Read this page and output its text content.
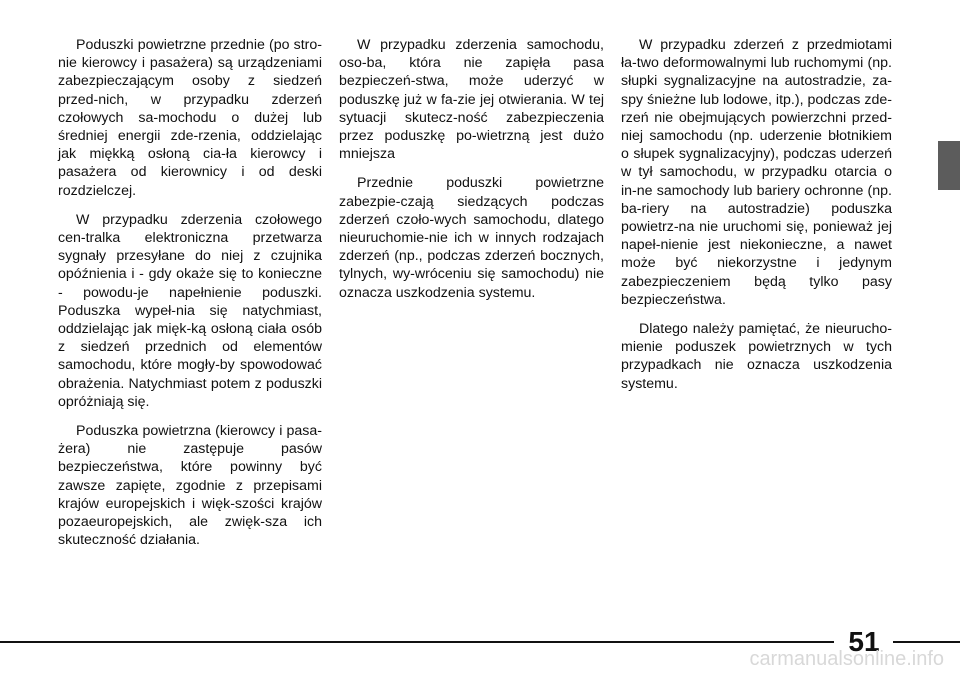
Poduszki powietrzne przednie (po stro-nie kierowcy i pasażera) są urządzeniami zabezpieczającym osoby z siedzeń przed-nich, w przypadku zderzeń czołowych sa-mochodu o dużej lub średniej energii zde-rzenia, oddzielając jak miękką osłoną cia-ła kierowcy i pasażera od kierownicy i od deski rozdzielczej.

W przypadku zderzenia czołowego cen-tralka elektroniczna przetwarza sygnały przesyłane do niej z czujnika opóźnienia i - gdy okaże się to konieczne - powodu-je napełnienie poduszki. Poduszka wypeł-nia się natychmiast, oddzielając jak mięk-ką osłoną ciała osób z siedzeń przednich od elementów samochodu, które mogły-by spowodować obrażenia. Natychmiast potem z poduszki opróżniają się.

Poduszka powietrzna (kierowcy i pasa-żera) nie zastępuje pasów bezpieczeństwa, które powinny być zawsze zapięte, zgodnie z przepisami krajów europejskich i więk-szości krajów pozaeuropejskich, ale zwięk-sza ich skuteczność działania.

W przypadku zderzenia samochodu, oso-ba, która nie zapięła pasa bezpieczeń-stwa, może uderzyć w poduszkę już w fa-zie jej otwierania. W tej sytuacji skutecz-ność zabezpieczenia przez poduszkę po-wietrzną jest dużo mniejsza

Przednie poduszki powietrzne zabezpie-czają siedzących podczas zderzeń czoło-wych samochodu, dlatego nieuruchomie-nie ich w innych rodzajach zderzeń (np., podczas zderzeń bocznych, tylnych, wy-wróceniu się samochodu) nie oznacza uszkodzenia systemu.

W przypadku zderzeń z przedmiotami ła-two deformowalnymi lub ruchomymi (np. słupki sygnalizacyjne na autostradzie, za-spy śnieżne lub lodowe, itp.), podczas zde-rzeń nie obejmujących powierzchni przed-niej samochodu (np. uderzenie błotnikiem o słupek sygnalizacyjny), podczas uderzeń w tył samochodu, w przypadku otarcia o in-ne samochody lub bariery ochronne (np. ba-riery na autostradzie) poduszka powietrz-na nie uruchomi się, ponieważ jej napeł-nienie jest niekonieczne, a nawet może być niekorzystne i jedynym zabezpieczeniem będą tylko pasy bezpieczeństwa.

Dlatego należy pamiętać, że nieurucho-mienie poduszek powietrznych w tych przypadkach nie oznacza uszkodzenia systemu.

51
carmanualsonline.info
